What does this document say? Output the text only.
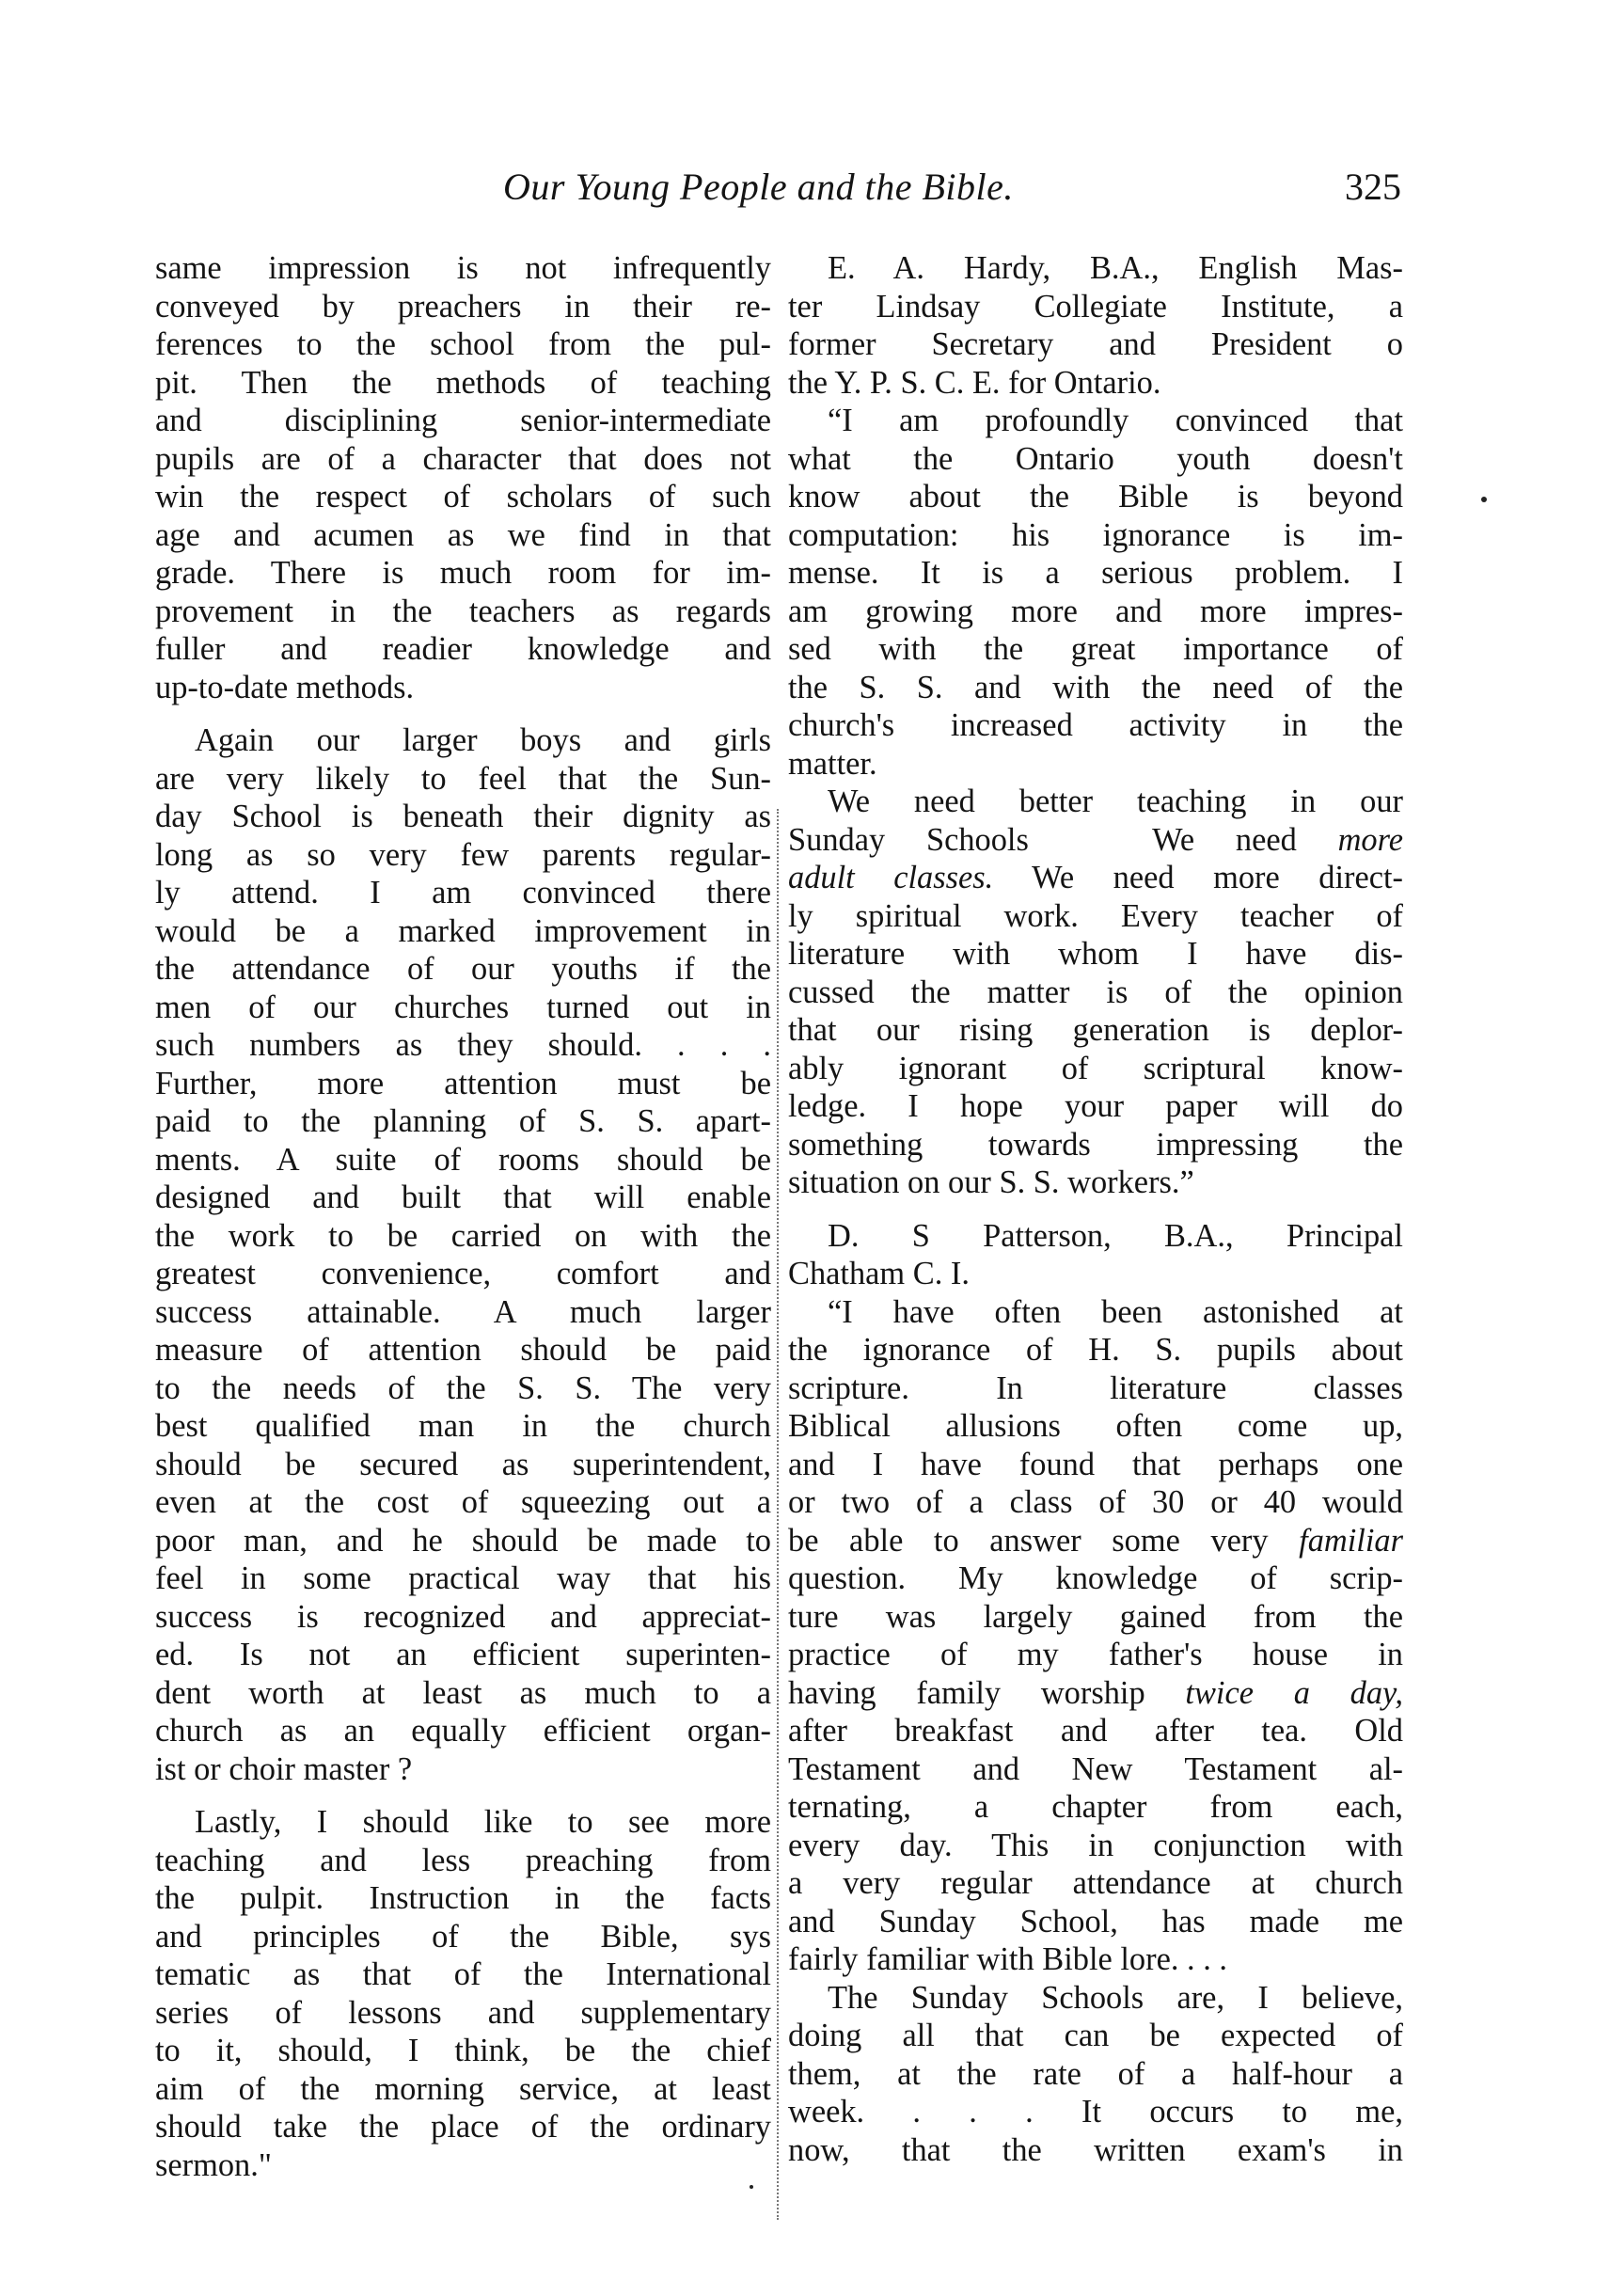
Our Young People and the Bible.	325
same impression is not infrequently
conveyed by preachers in their re-
ferences to the school from the pul-
pit. Then the methods of teaching
and disciplining senior-intermediate
pupils are of a character that does not
win the respect of scholars of such
age and acumen as we find in that
grade. There is much room for im-
provement in the teachers as regards
fuller and readier knowledge and
up-to-date methods.
Again our larger boys and girls
are very likely to feel that the Sun-
day School is beneath their dignity as
long as so very few parents regular-
ly attend. I am convinced there
would be a marked improvement in
the attendance of our youths if the
men of our churches turned out in
such numbers as they should. . . .
Further, more attention must be
paid to the planning of S. S. apart-
ments. A suite of rooms should be
designed and built that will enable
the work to be carried on with the
greatest convenience, comfort and
success attainable. A much larger
measure of attention should be paid
to the needs of the S. S. The very
best qualified man in the church
should be secured as superintendent,
even at the cost of squeezing out a
poor man, and he should be made to
feel in some practical way that his
success is recognized and appreciat-
ed. Is not an efficient superinten-
dent worth at least as much to a
church as an equally efficient organ-
ist or choir master ?
Lastly, I should like to see more
teaching and less preaching from
the pulpit. Instruction in the facts
and principles of the Bible, sys
tematic as that of the International
series of lessons and supplementary
to it, should, I think, be the chief
aim of the morning service, at least
should take the place of the ordinary
sermon."
E. A. Hardy, B.A., English Mas-
ter Lindsay Collegiate Institute, a
former Secretary and President o
the Y. P. S. C. E. for Ontario.
“I am profoundly convinced that
what the Ontario youth doesn't
know about the Bible is beyond
computation: his ignorance is im-
mense. It is a serious problem. I
am growing more and more impres-
sed with the great importance of
the S. S. and with the need of the
church's increased activity in the
matter.
We need better teaching in our
Sunday Schools   We need more
adult classes. We need more direct-
ly spiritual work. Every teacher of
literature with whom I have dis-
cussed the matter is of the opinion
that our rising generation is deplor-
ably ignorant of scriptural know-
ledge. I hope your paper will do
something towards impressing the
situation on our S. S. workers.”
D. S Patterson, B.A., Principal
Chatham C. I.
“I have often been astonished at
the ignorance of H. S. pupils about
scripture. In literature classes
Biblical allusions often come up,
and I have found that perhaps one
or two of a class of 30 or 40 would
be able to answer some very familiar
question. My knowledge of scrip-
ture was largely gained from the
practice of my father's house in
having family worship twice a day,
after breakfast and after tea. Old
Testament and New Testament al-
ternating, a chapter from each,
every day. This in conjunction with
a very regular attendance at church
and Sunday School, has made me
fairly familiar with Bible lore. . . .
The Sunday Schools are, I believe,
doing all that can be expected of
them, at the rate of a half-hour a
week. . . . It occurs to me,
now, that the written exam's in
